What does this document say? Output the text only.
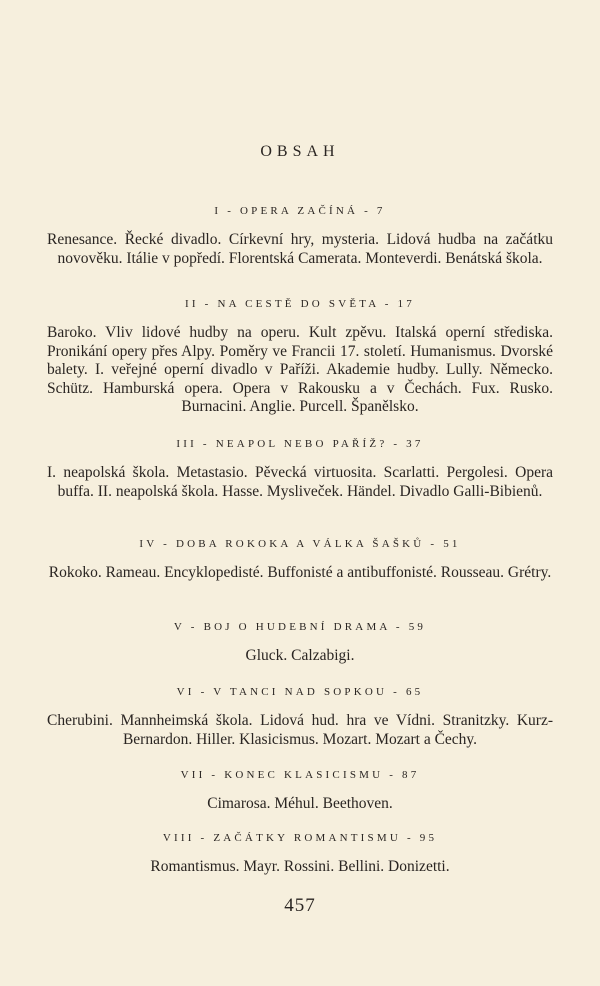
OBSAH
I - OPERA ZAČÍNÁ - 7
Renesance. Řecké divadlo. Církevní hry, mysteria. Lidová hudba na začátku novověku. Itálie v popředí. Florentská Camerata. Monteverdi. Benátská škola.
II - NA CESTĚ DO SVĚTA - 17
Baroko. Vliv lidové hudby na operu. Kult zpěvu. Italská operní střediska. Pronikání opery přes Alpy. Poměry ve Francii 17. století. Humanismus. Dvorské balety. I. veřejné operní divadlo v Paříži. Akademie hudby. Lully. Německo. Schütz. Hamburská opera. Opera v Rakousku a v Čechách. Fux. Rusko. Burnacini. Anglie. Purcell. Španělsko.
III - NEAPOL NEBO PAŘÍŽ? - 37
I. neapolská škola. Metastasio. Pěvecká virtuosita. Scarlatti. Pergolesi. Opera buffa. II. neapolská škola. Hasse. Mysliveček. Händel. Divadlo Galli-Bibienů.
IV - DOBA ROKOKA A VÁLKA ŠAŠKŮ - 51
Rokoko. Rameau. Encyklopedisté. Buffonisté a antibuffonisté. Rousseau. Grétry.
V - BOJ O HUDEBNÍ DRAMA - 59
Gluck. Calzabigi.
VI - V TANCI NAD SOPKOU - 65
Cherubini. Mannheimská škola. Lidová hud. hra ve Vídni. Stranitzky. Kurz-Bernardon. Hiller. Klasicismus. Mozart. Mozart a Čechy.
VII - KONEC KLASICISMU - 87
Cimarosa. Méhul. Beethoven.
VIII - ZAČÁTKY ROMANTISMU - 95
Romantismus. Mayr. Rossini. Bellini. Donizetti.
457
